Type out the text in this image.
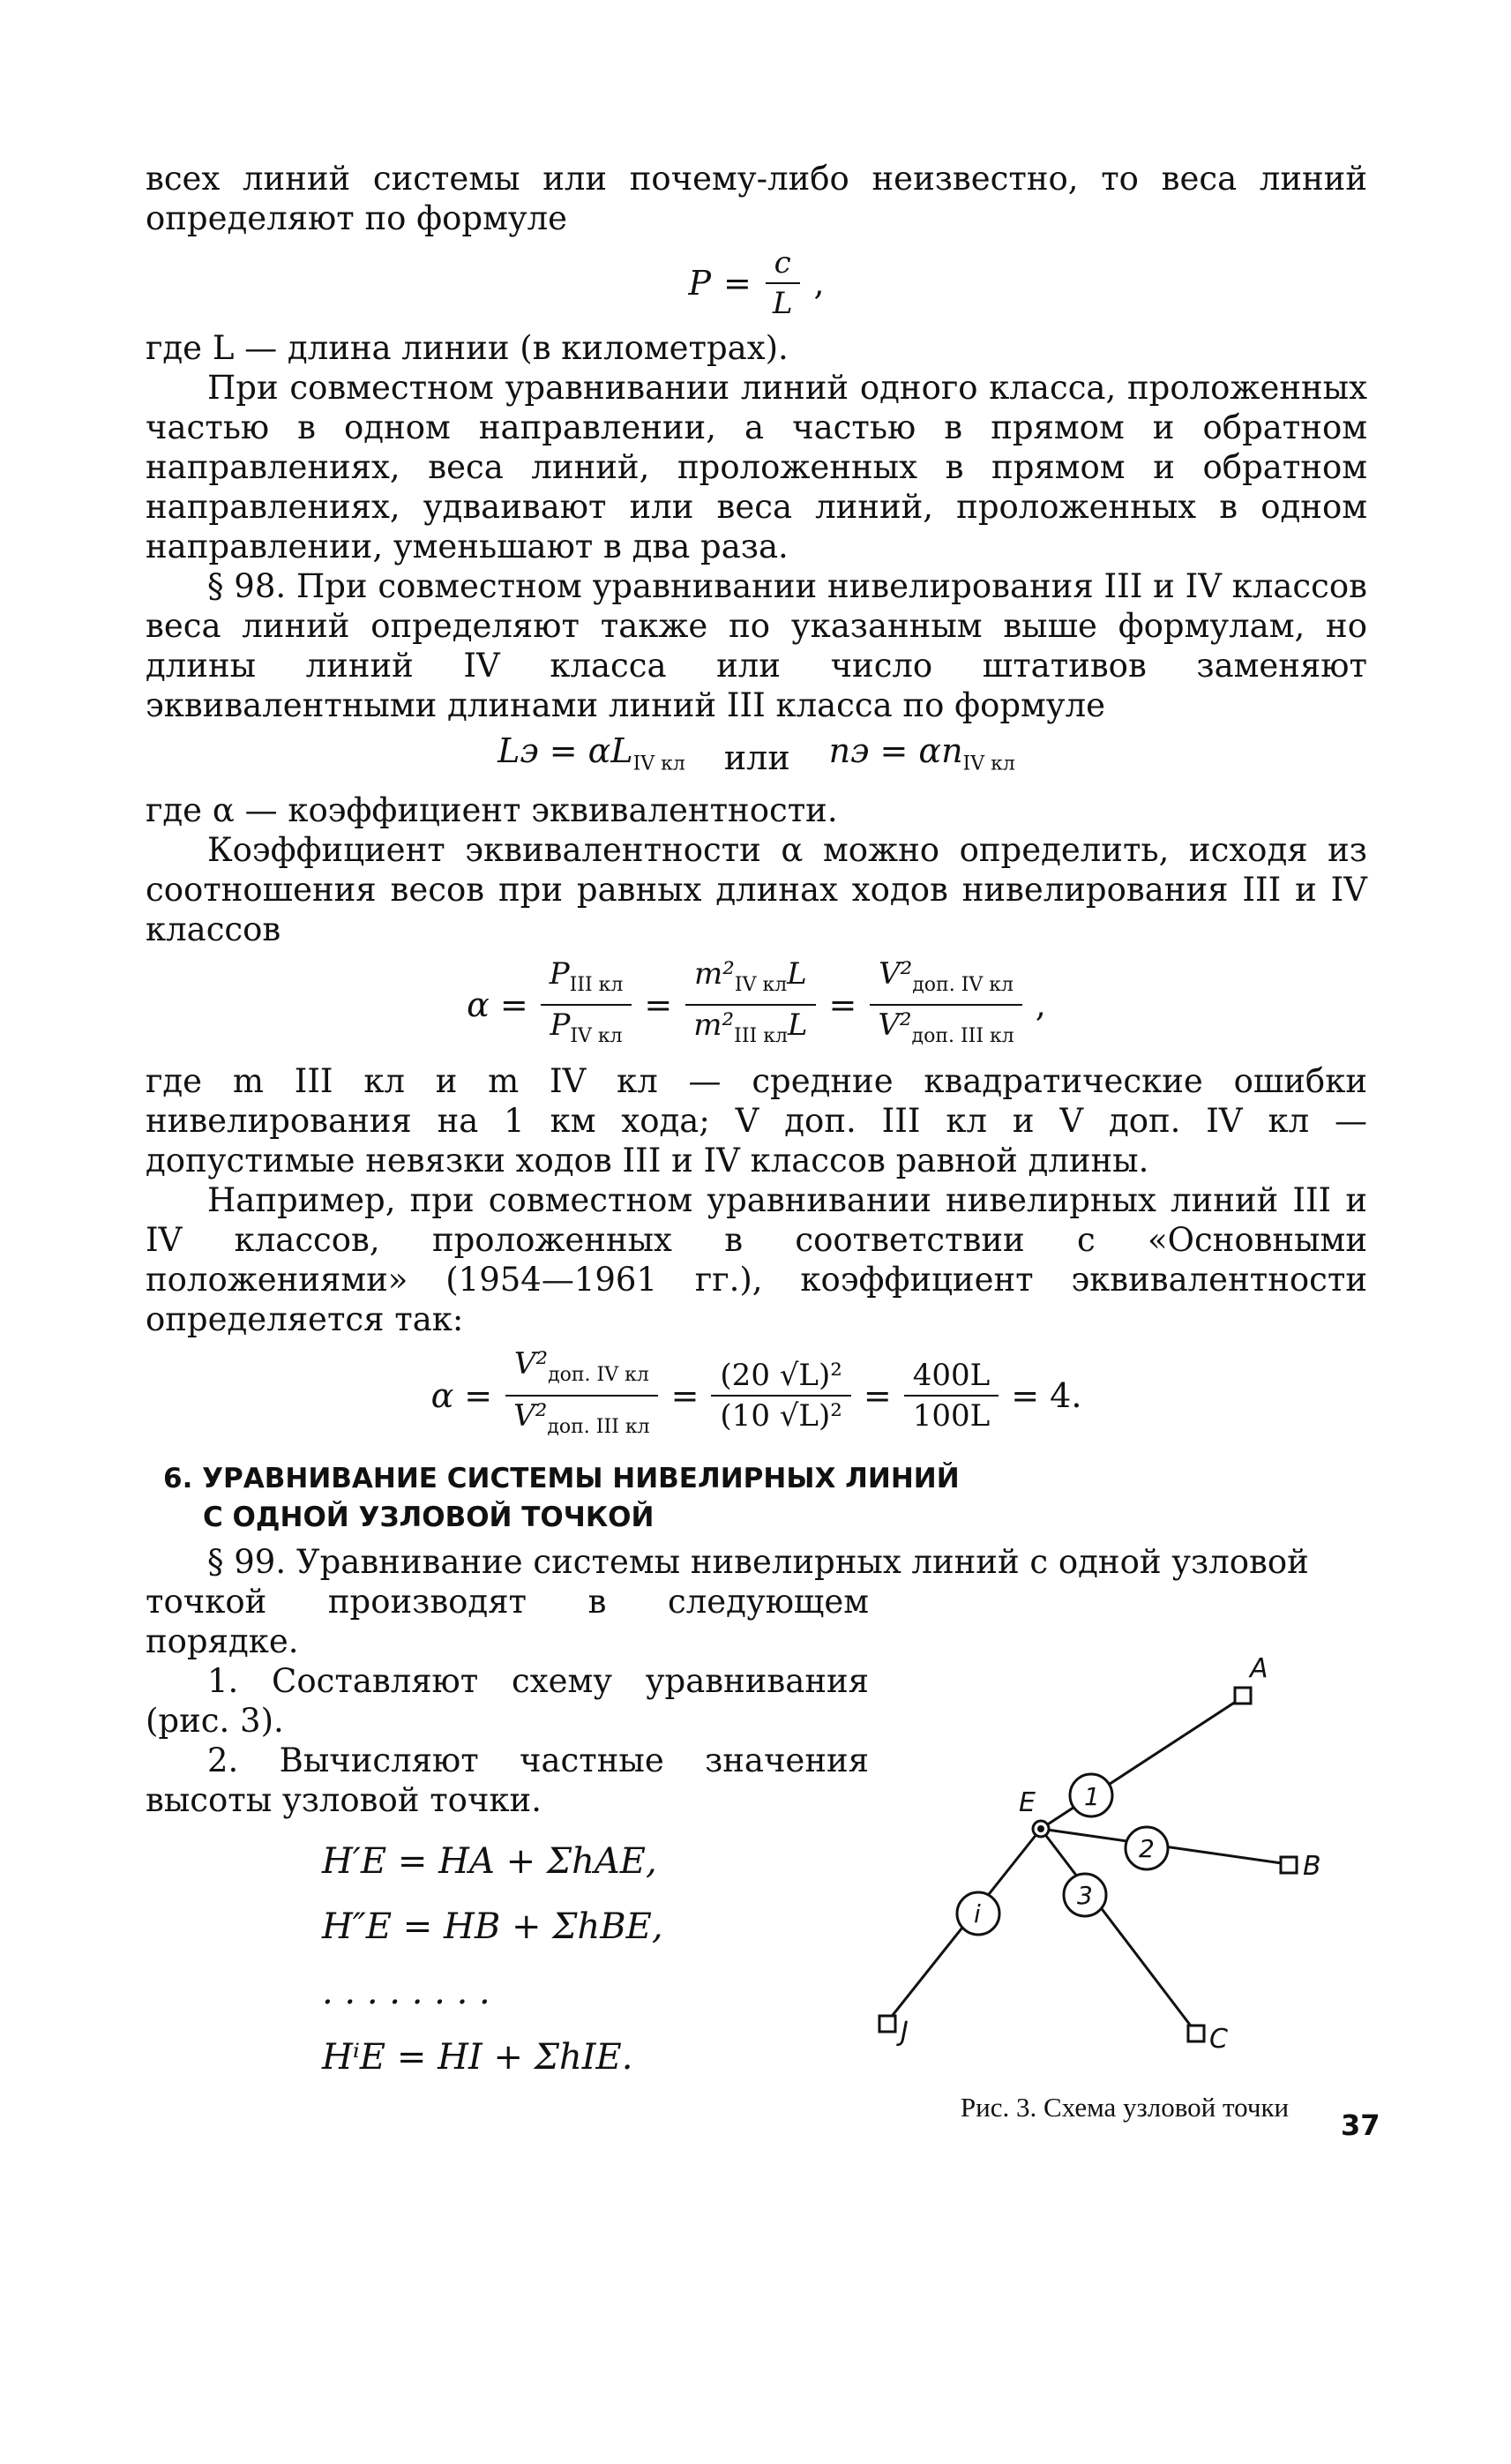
всех линий системы или почему-либо неизвестно, то веса линий определяют по формуле

$P = \frac{c}{L}$ ,

где L — длина линии (в километрах).

При совместном уравнивании линий одного класса, проложенных частью в одном направлении, а частью в прямом и обратном направлениях, веса линий, проложенных в прямом и обратном направлениях, удваивают или веса линий, проложенных в одном направлении, уменьшают в два раза.

§ 98. При совместном уравнивании нивелирования III и IV классов веса линий определяют также по указанным выше формулам, но длины линий IV класса или число штативов заменяют эквивалентными длинами линий III класса по формуле

Lэ = $\alpha L_{IV кл}$ или nэ = $\alpha n_{IV кл}$

где α — коэффициент эквивалентности.

Коэффициент эквивалентности α можно определить, исходя из соотношения весов при равных длинах ходов нивелирования III и IV классов

$\alpha = \frac{P_{III кл}}{P_{IV кл}} = \frac{m^2_{IV кл}L}{m^2_{III кл}L} = \frac{V^2_{доп. IV кл}}{V^2_{доп. III кл}}$ ,

где m III кл и m IV кл — средние квадратические ошибки нивелирования на 1 км хода; V доп. III кл и V доп. IV кл — допустимые невязки ходов III и IV классов равной длины.

Например, при совместном уравнивании нивелирных линий III и IV классов, проложенных в соответствии с «Основными положениями» (1954—1961 гг.), коэффициент эквивалентности определяется так:

$\alpha = \frac{V^2_{доп. IV кл}}{V^2_{доп. III кл}} = \frac{\text{(20 √L)²}}{\text{(10 √L)²}} = \frac{400L}{100L} = 4$.
6. УРАВНИВАНИЕ СИСТЕМЫ НИВЕЛИРНЫХ ЛИНИЙ
С ОДНОЙ УЗЛОВОЙ ТОЧКОЙ

§ 99. Уравнивание системы нивелирных линий с одной узловой

точкой производят в следующем порядке.

1. Составляют схему уравнивания (рис. 3).

2. Вычисляют частные значения высоты узловой точки.

H′E = HA + ΣhAE,
H″E = HB + ΣhBE,
. . . . . . . .
HⁱE = HI + ΣhIE.
A
B
C
J
E 1
2
3
i
Рис. 3. Схема узловой точки
37
